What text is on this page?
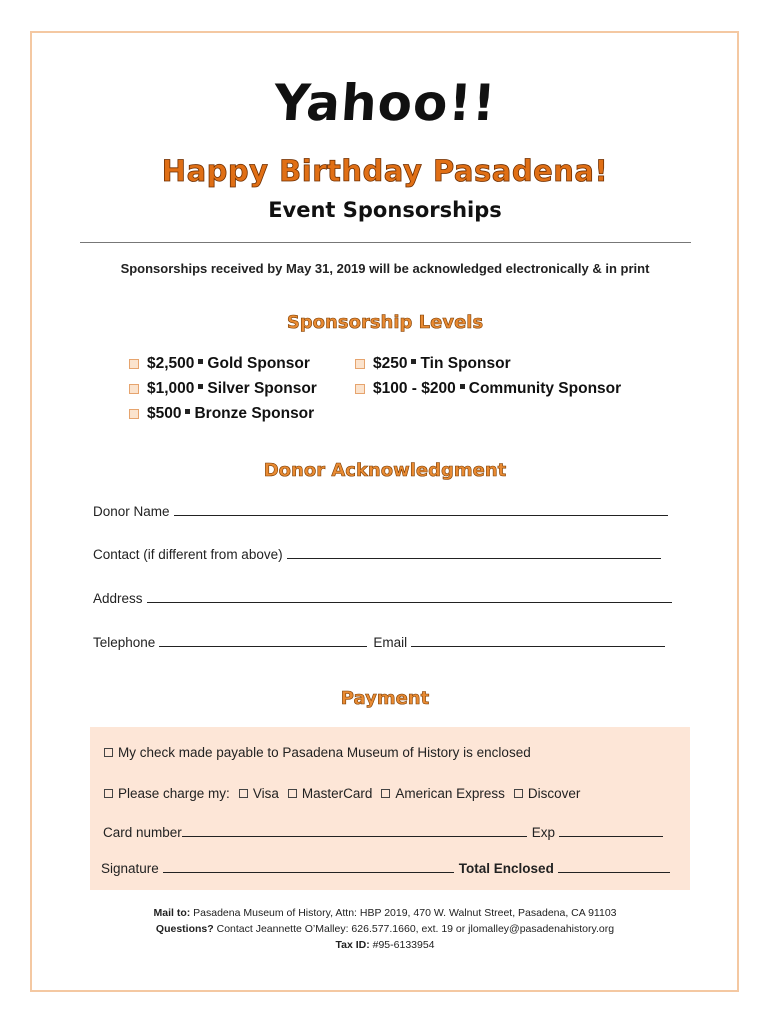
Yahoo!!
Happy Birthday Pasadena!
Event Sponsorships
Sponsorships received by May 31, 2019 will be acknowledged electronically & in print
Sponsorship Levels
$2,500 Gold Sponsor
$1,000 Silver Sponsor
$500 Bronze Sponsor
$250 Tin Sponsor
$100 - $200 Community Sponsor
Donor Acknowledgment
Donor Name
Contact (if different from above)
Address
Telephone	Email
Payment
My check made payable to Pasadena Museum of History is enclosed
Please charge my: Visa MasterCard American Express Discover
Card number	Exp
Signature	Total Enclosed
Mail to: Pasadena Museum of History, Attn: HBP 2019, 470 W. Walnut Street, Pasadena, CA 91103
Questions? Contact Jeannette O’Malley: 626.577.1660, ext. 19 or jlomalley@pasadenahistory.org
Tax ID: #95-6133954
